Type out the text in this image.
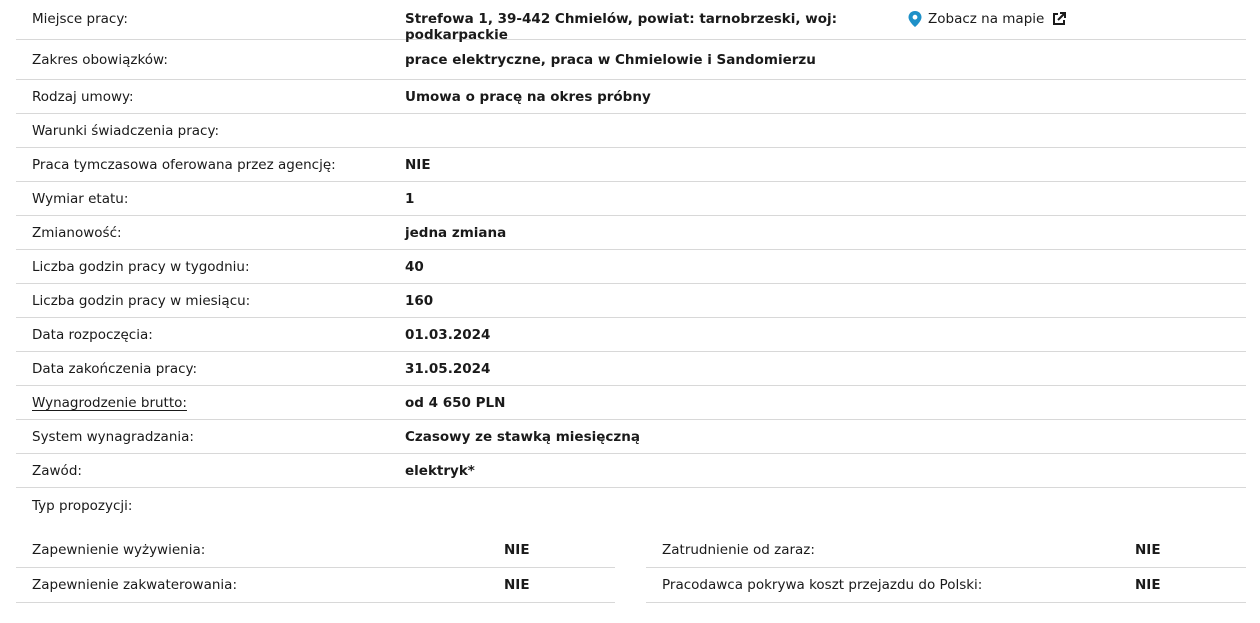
Miejsce pracy:	Strefowa 1, 39-442 Chmielów, powiat: tarnobrzeski, woj: podkarpackie
Zobacz na mapie
Zakres obowiązków:	prace elektryczne, praca w Chmielowie i Sandomierzu
Rodzaj umowy:	Umowa o pracę na okres próbny
Warunki świadczenia pracy:
Praca tymczasowa oferowana przez agencję:	NIE
Wymiar etatu:	1
Zmianowość:	jedna zmiana
Liczba godzin pracy w tygodniu:	40
Liczba godzin pracy w miesiącu:	160
Data rozpoczęcia:	01.03.2024
Data zakończenia pracy:	31.05.2024
Wynagrodzenie brutto:	od 4 650 PLN
System wynagradzania:	Czasowy ze stawką miesięczną
Zawód:	elektryk*
Typ propozycji:
Zapewnienie wyżywienia:	NIE
Zapewnienie zakwaterowania:	NIE
Zatrudnienie od zaraz:	NIE
Pracodawca pokrywa koszt przejazdu do Polski:	NIE
